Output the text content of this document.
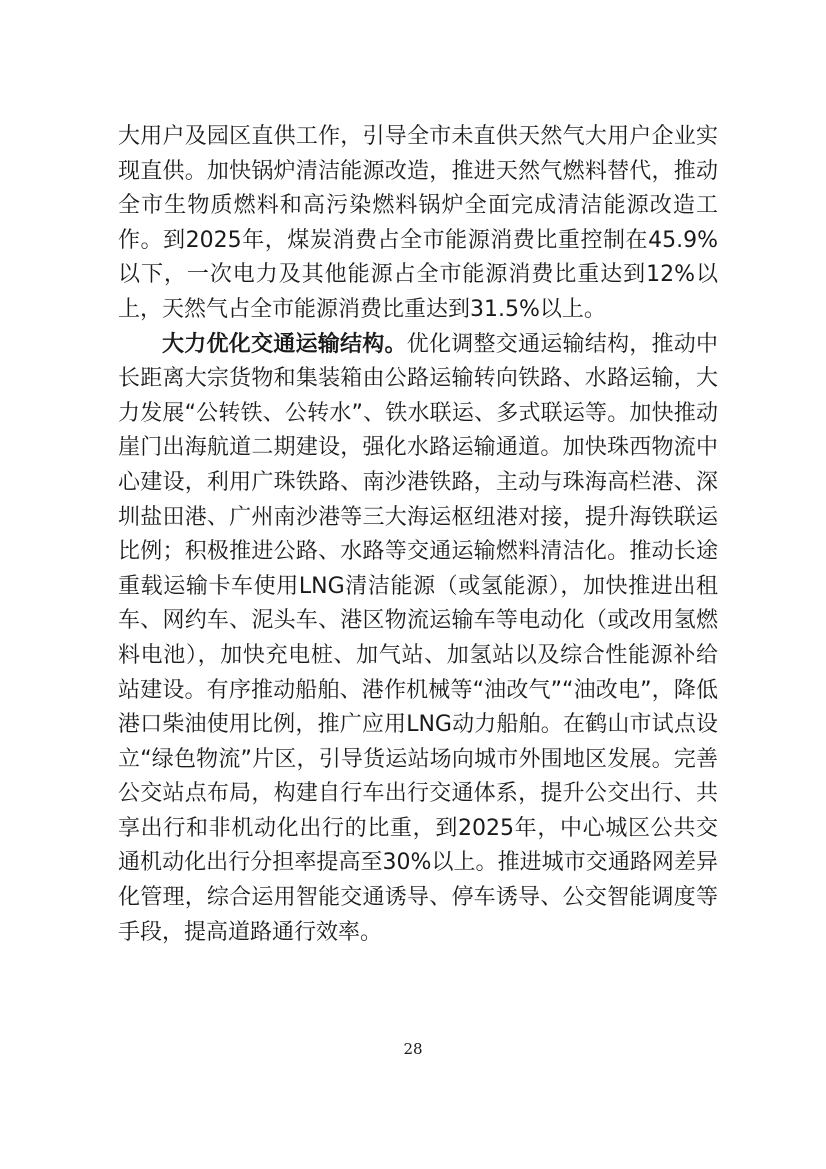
大用户及园区直供工作，引导全市未直供天然气大用户企业实现直供。加快锅炉清洁能源改造，推进天然气燃料替代，推动全市生物质燃料和高污染燃料锅炉全面完成清洁能源改造工作。到2025年，煤炭消费占全市能源消费比重控制在45.9%以下，一次电力及其他能源占全市能源消费比重达到12%以上，天然气占全市能源消费比重达到31.5%以上。

大力优化交通运输结构。优化调整交通运输结构，推动中长距离大宗货物和集装箱由公路运输转向铁路、水路运输，大力发展“公转铁、公转水”、铁水联运、多式联运等。加快推动崖门出海航道二期建设，强化水路运输通道。加快珠西物流中心建设，利用广珠铁路、南沙港铁路，主动与珠海高栏港、深圳盐田港、广州南沙港等三大海运枢纽港对接，提升海铁联运比例；积极推进公路、水路等交通运输燃料清洁化。推动长途重载运输卡车使用LNG清洁能源（或氢能源），加快推进出租车、网约车、泥头车、港区物流运输车等电动化（或改用氢燃料电池），加快充电桩、加气站、加氢站以及综合性能源补给站建设。有序推动船舶、港作机械等“油改气”“油改电”，降低港口柴油使用比例，推广应用LNG动力船舶。在鹤山市试点设立“绿色物流”片区，引导货运站场向城市外围地区发展。完善公交站点布局，构建自行车出行交通体系，提升公交出行、共享出行和非机动化出行的比重，到2025年，中心城区公共交通机动化出行分担率提高至30%以上。推进城市交通路网差异化管理，综合运用智能交通诱导、停车诱导、公交智能调度等手段，提高道路通行效率。

28
